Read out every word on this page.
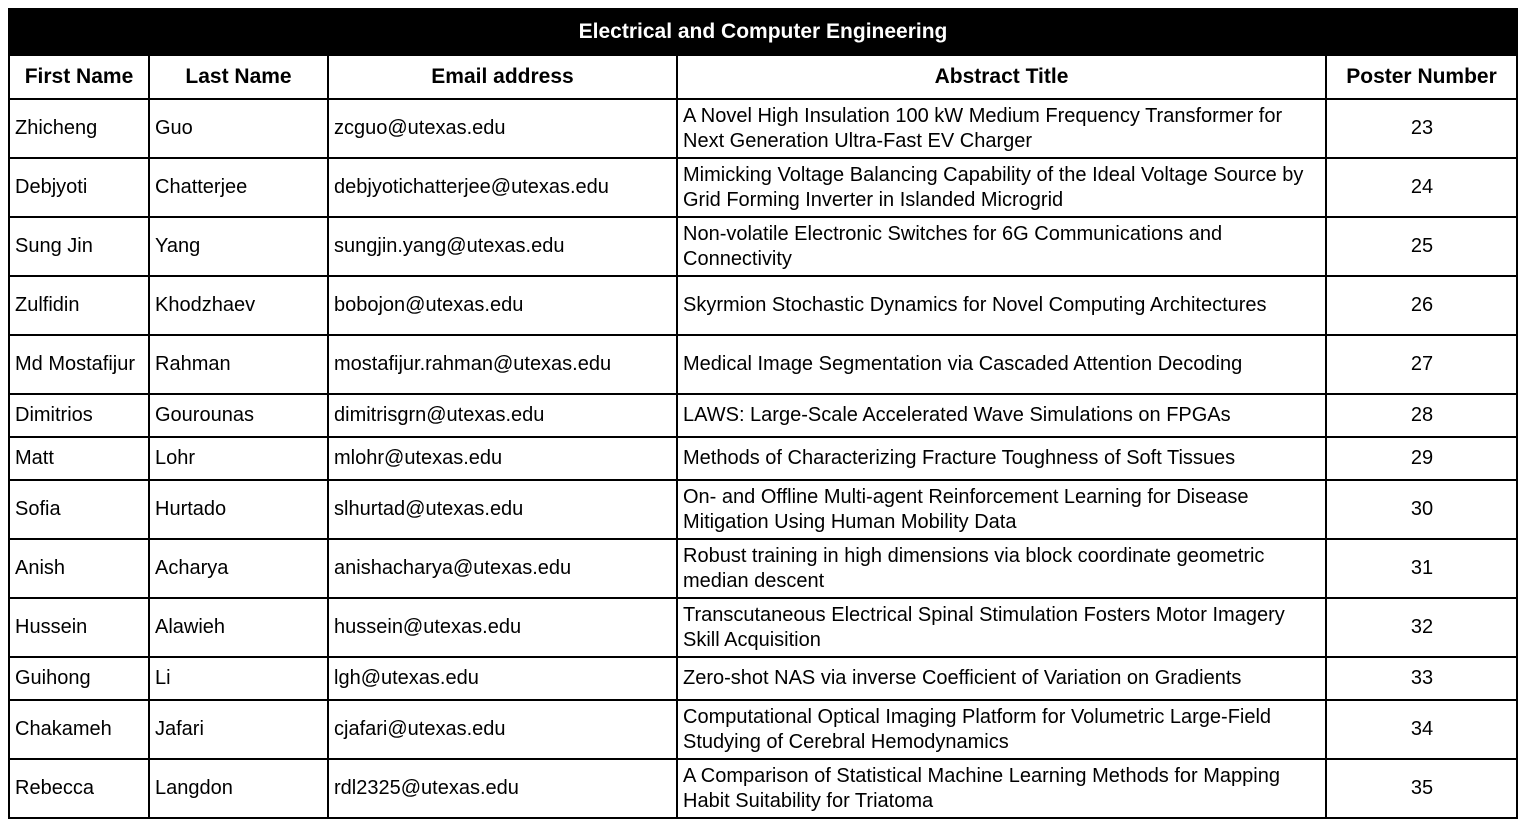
Electrical and Computer Engineering				
First Name	Last Name	Email address	Abstract Title	Poster Number
Zhicheng	Guo	zcguo@utexas.edu	A Novel High Insulation 100 kW Medium Frequency Transformer for Next Generation Ultra-Fast EV Charger	23
Debjyoti	Chatterjee	debjyotichatterjee@utexas.edu	Mimicking Voltage Balancing Capability of the Ideal Voltage Source by Grid Forming Inverter in Islanded Microgrid	24
Sung Jin	Yang	sungjin.yang@utexas.edu	Non-volatile Electronic Switches for 6G Communications and Connectivity	25
Zulfidin	Khodzhaev	bobojon@utexas.edu	Skyrmion Stochastic Dynamics for Novel Computing Architectures	26
Md Mostafijur	Rahman	mostafijur.rahman@utexas.edu	Medical Image Segmentation via Cascaded Attention Decoding	27
Dimitrios	Gourounas	dimitrisgrn@utexas.edu	LAWS: Large-Scale Accelerated Wave Simulations on FPGAs	28
Matt	Lohr	mlohr@utexas.edu	Methods of Characterizing Fracture Toughness of Soft Tissues	29
Sofia	Hurtado	slhurtad@utexas.edu	On- and Offline Multi-agent Reinforcement Learning for Disease Mitigation Using Human Mobility Data	30
Anish	Acharya	anishacharya@utexas.edu	Robust training in high dimensions via block coordinate geometric median descent	31
Hussein	Alawieh	hussein@utexas.edu	Transcutaneous Electrical Spinal Stimulation Fosters Motor Imagery Skill Acquisition	32
Guihong	Li	lgh@utexas.edu	Zero-shot NAS via inverse Coefficient of Variation on Gradients	33
Chakameh	Jafari	cjafari@utexas.edu	Computational Optical Imaging Platform for Volumetric Large-Field Studying of Cerebral Hemodynamics	34
Rebecca	Langdon	rdl2325@utexas.edu	A Comparison of Statistical Machine Learning Methods for Mapping Habit Suitability for Triatoma	35
